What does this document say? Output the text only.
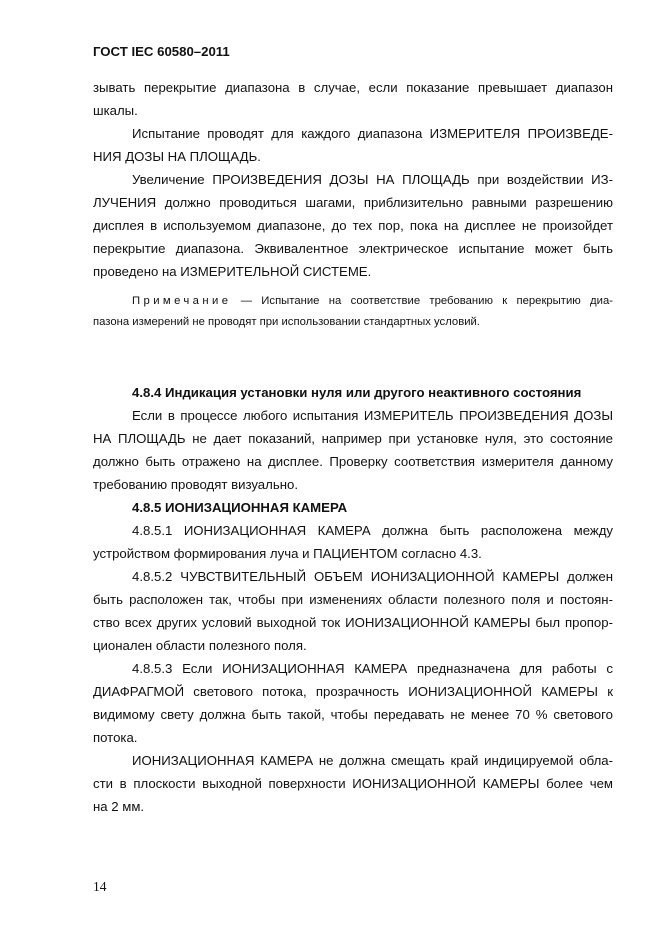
ГОСТ IEC 60580–2011
зывать перекрытие диапазона в случае, если показание превышает диапазон
шкалы.
Испытание проводят для каждого диапазона ИЗМЕРИТЕЛЯ ПРОИЗВЕДЕ-
НИЯ ДОЗЫ НА ПЛОЩАДЬ.
Увеличение ПРОИЗВЕДЕНИЯ ДОЗЫ НА ПЛОЩАДЬ при воздействии ИЗ-
ЛУЧЕНИЯ должно проводиться шагами, приблизительно равными разрешению
дисплея в используемом диапазоне, до тех пор, пока на дисплее не произойдет
перекрытие диапазона. Эквивалентное электрическое испытание может быть
проведено на ИЗМЕРИТЕЛЬНОЙ СИСТЕМЕ.
Примечание — Испытание на соответствие требованию к перекрытию диа-
пазона измерений не проводят при использовании стандартных условий.
4.8.4 Индикация установки нуля или другого неактивного состояния
Если в процессе любого испытания ИЗМЕРИТЕЛЬ ПРОИЗВЕДЕНИЯ ДОЗЫ
НА ПЛОЩАДЬ не дает показаний, например при установке нуля, это состояние
должно быть отражено на дисплее. Проверку соответствия измерителя данному
требованию проводят визуально.
4.8.5 ИОНИЗАЦИОННАЯ КАМЕРА
4.8.5.1 ИОНИЗАЦИОННАЯ КАМЕРА должна быть расположена между
устройством формирования луча и ПАЦИЕНТОМ согласно 4.3.
4.8.5.2 ЧУВСТВИТЕЛЬНЫЙ ОБЪЕМ ИОНИЗАЦИОННОЙ КАМЕРЫ должен
быть расположен так, чтобы при изменениях области полезного поля и постоян-
ство всех других условий выходной ток ИОНИЗАЦИОННОЙ КАМЕРЫ был пропор-
ционален области полезного поля.
4.8.5.3 Если ИОНИЗАЦИОННАЯ КАМЕРА предназначена для работы с
ДИАФРАГМОЙ светового потока, прозрачность ИОНИЗАЦИОННОЙ КАМЕРЫ к
видимому свету должна быть такой, чтобы передавать не менее 70 % светового
потока.
ИОНИЗАЦИОННАЯ КАМЕРА не должна смещать край индицируемой обла-
сти в плоскости выходной поверхности ИОНИЗАЦИОННОЙ КАМЕРЫ более чем
на 2 мм.
14
